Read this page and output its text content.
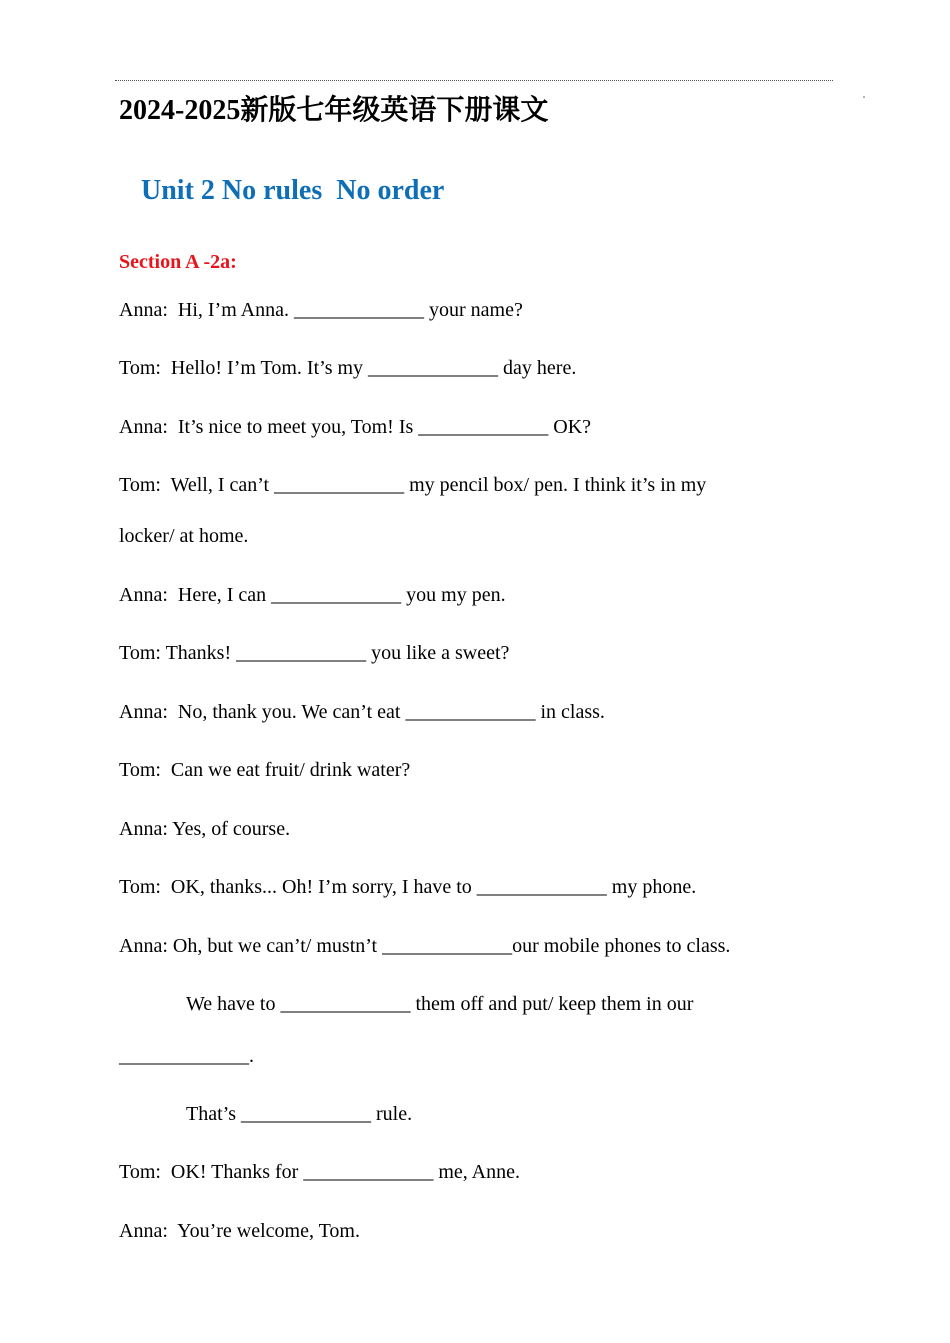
2024-2025新版七年级英语下册课文
Unit 2 No rules  No order
Section A -2a:
Anna:  Hi, I’m Anna. _____________ your name?
Tom:  Hello! I’m Tom. It’s my _____________ day here.
Anna:  It’s nice to meet you, Tom! Is _____________ OK?
Tom:  Well, I can’t _____________ my pencil box/ pen. I think it’s in my
locker/ at home.
Anna:  Here, I can _____________ you my pen.
Tom: Thanks! _____________ you like a sweet?
Anna:  No, thank you. We can’t eat _____________ in class.
Tom:  Can we eat fruit/ drink water?
Anna: Yes, of course.
Tom:  OK, thanks... Oh! I’m sorry, I have to _____________ my phone.
Anna: Oh, but we can’t/ mustn’t _____________our mobile phones to class.
We have to _____________ them off and put/ keep them in our
_____________.
That’s _____________ rule.
Tom:  OK! Thanks for _____________ me, Anne.
Anna:  You’re welcome, Tom.
